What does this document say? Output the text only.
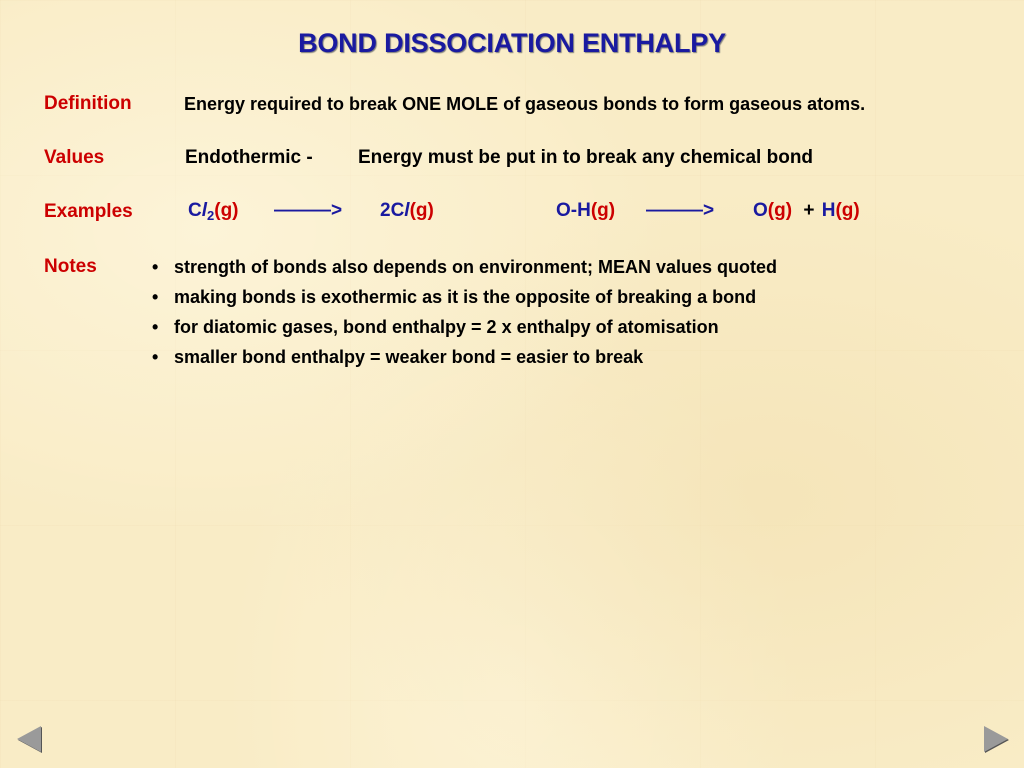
BOND DISSOCIATION ENTHALPY
Definition	Energy required to break ONE MOLE of gaseous bonds to form gaseous atoms.
Values	Endothermic - Energy must be put in to break any chemical bond
Examples	$Cl_2(g)$ ———> 2Cl(g)	O-H(g) ———> O(g) + H(g)
Notes	• strength of bonds also depends on environment; MEAN values quoted
• making bonds is exothermic as it is the opposite of breaking a bond
• for diatomic gases, bond enthalpy = 2 x enthalpy of atomisation
• smaller bond enthalpy = weaker bond = easier to break
